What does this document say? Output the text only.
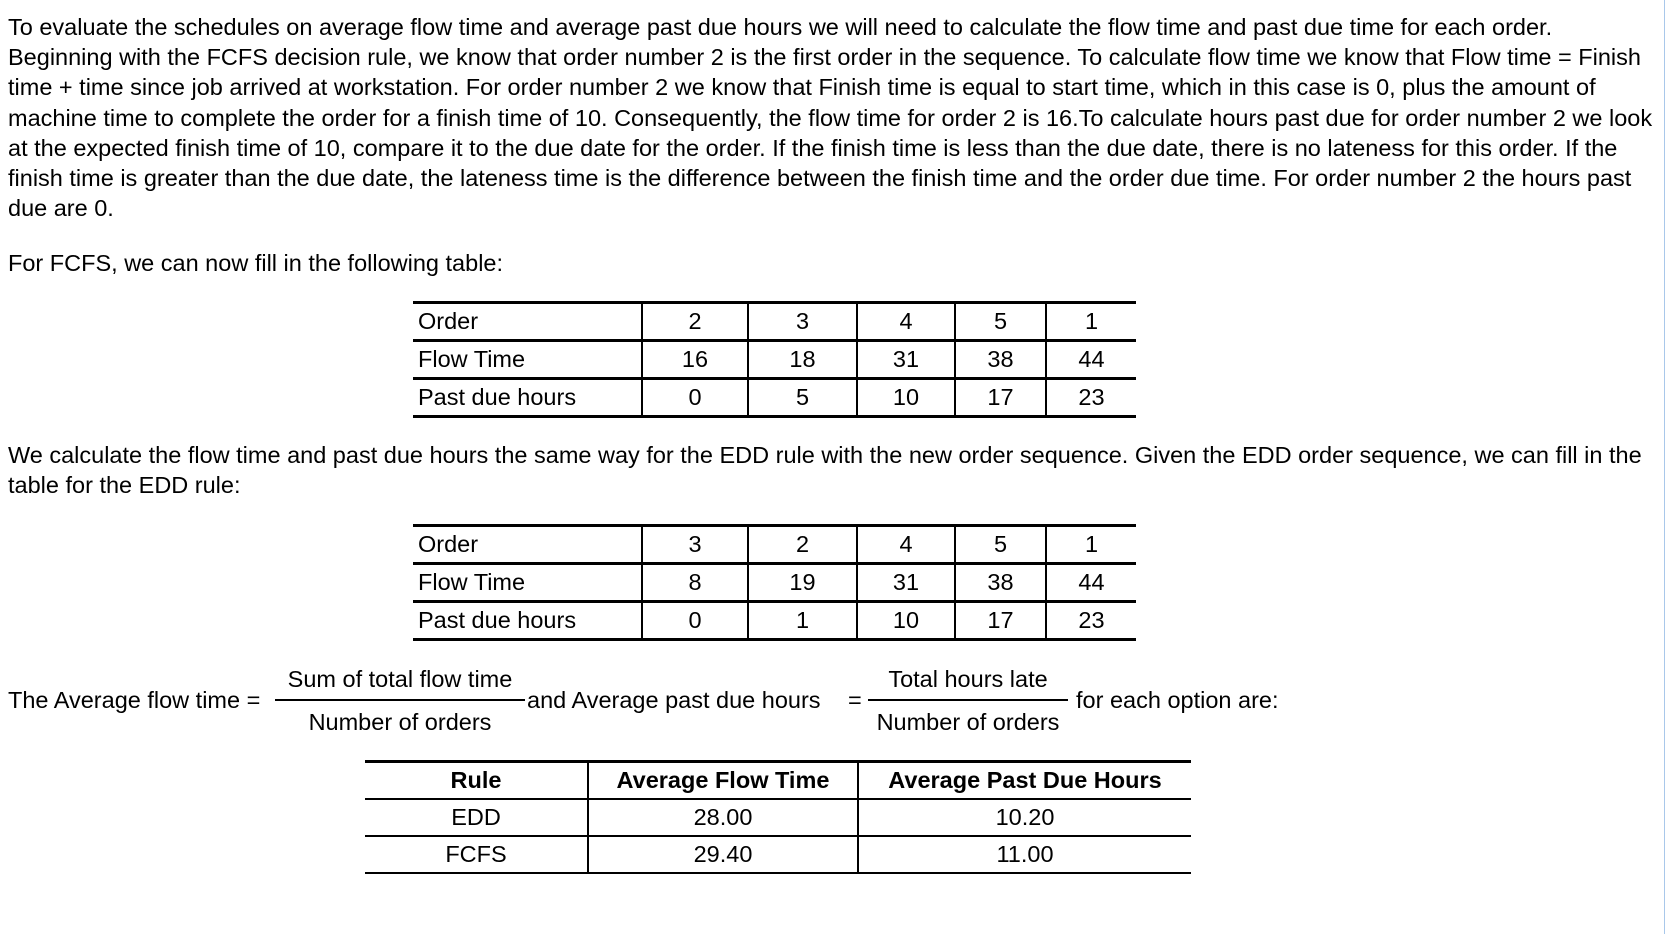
To evaluate the schedules on average flow time and average past due hours we will need to calculate the flow time and past due time for each order. Beginning with the FCFS decision rule, we know that order number 2 is the first order in the sequence. To calculate flow time we know that Flow time = Finish time + time since job arrived at workstation. For order number 2 we know that Finish time is equal to start time, which in this case is 0, plus the amount of machine time to complete the order for a finish time of 10. Consequently, the flow time for order 2 is 16.To calculate hours past due for order number 2 we look at the expected finish time of 10, compare it to the due date for the order. If the finish time is less than the due date, there is no lateness for this order. If the finish time is greater than the due date, the lateness time is the difference between the finish time and the order due time. For order number 2 the hours past due are 0.

For FCFS, we can now fill in the following table:

Order	2	3	4	5	1
Flow Time	16	18	31	38	44
Past due hours	0	5	10	17	23

We calculate the flow time and past due hours the same way for the EDD rule with the new order sequence. Given the EDD order sequence, we can fill in the table for the EDD rule:

Order	3	2	4	5	1
Flow Time	8	19	31	38	44
Past due hours	0	1	10	17	23
The Average flow time =
Sum of total flow time
Number of orders
and Average past due hours =
Total hours late
Number of orders
for each option are:
Rule	Average Flow Time	Average Past Due Hours
EDD	28.00	10.20
FCFS	29.40	11.00
